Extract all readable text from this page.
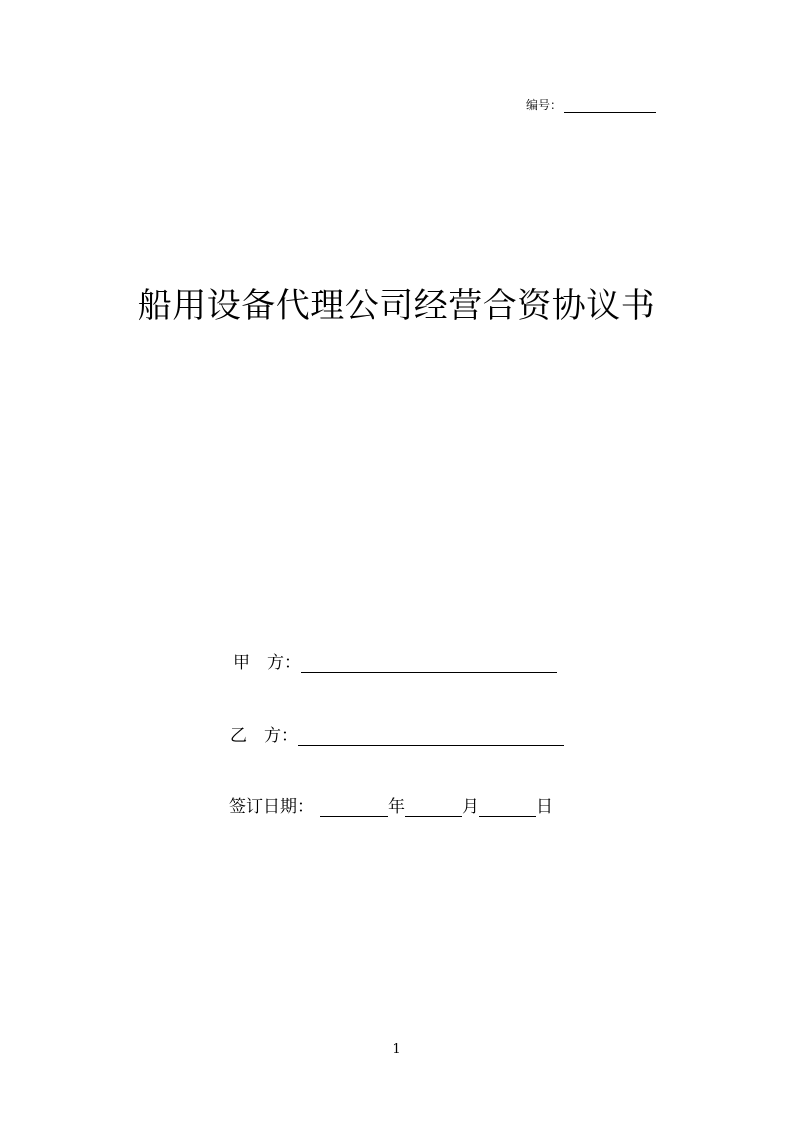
编号：
船用设备代理公司经营合资协议书
甲　方：
乙　方：
签订日期：	年	月	日
1
